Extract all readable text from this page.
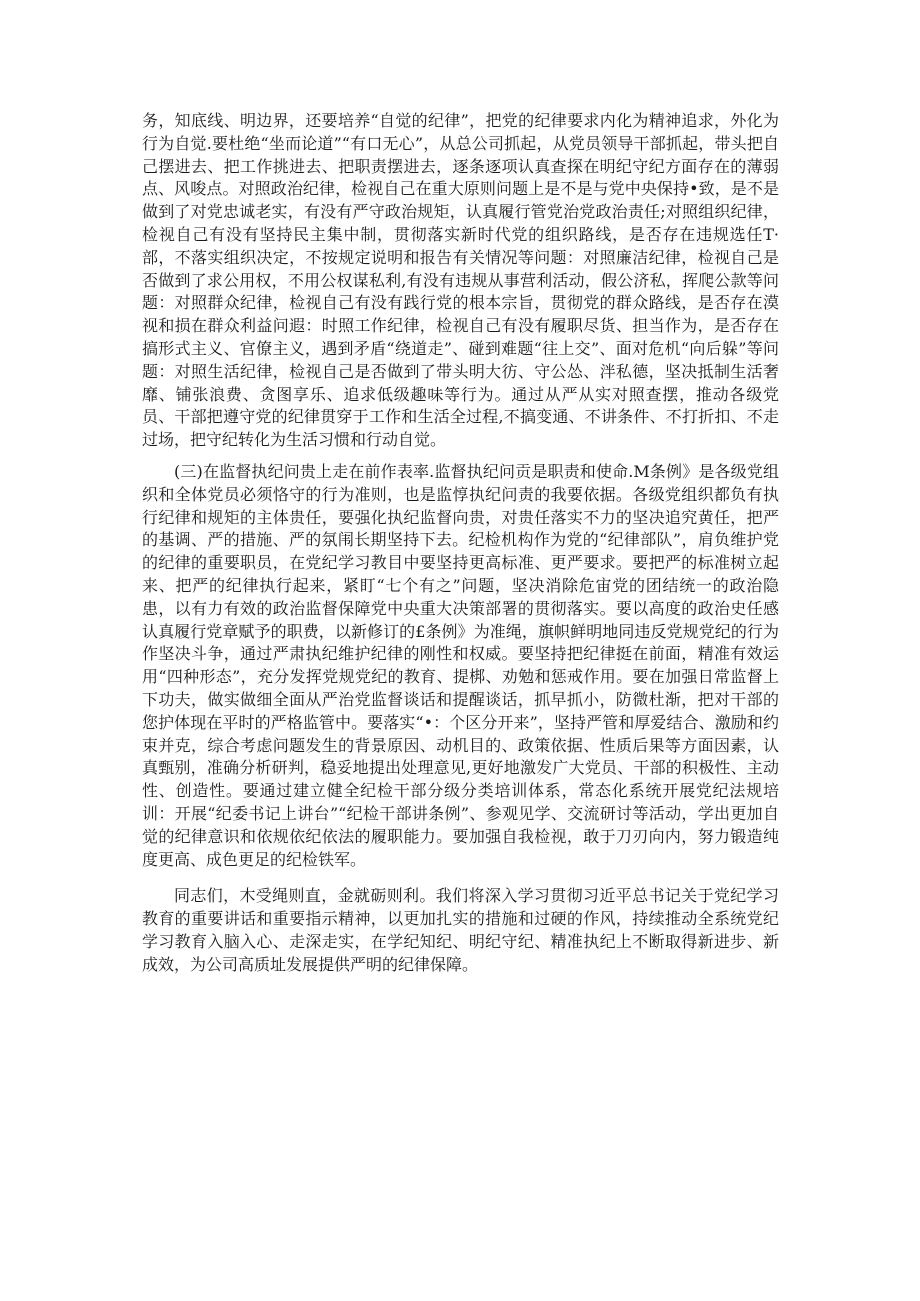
务，知底线、明边界，还要培养“自觉的纪律”，把党的纪律要求内化为精神追求，外化为行为自觉.要杜绝“坐而论道”“有口无心”，从总公司抓起，从党员领导干部抓起，带头把自己摆进去、把工作挑进去、把职责摆进去，逐条逐项认真查探在明纪守纪方面存在的薄弱点、风唆点。对照政治纪律，检视自己在重大原则问题上是不是与党中央保持•致，是不是做到了对党忠诚老实，有没有严守政治规矩，认真履行管党治党政治责任;对照组织纪律，检视自己有没有坚持民主集中制，贯彻落实新时代党的组织路线，是否存在违规选任T·部，不落实组织决定，不按规定说明和报告有关情况等问题：对照廉洁纪律，检视自己是否做到了求公用权，不用公权谋私利,有没有违规从事营利活动，假公济私，挥爬公款等问题：对照群众纪律，检视自己有没有践行党的根本宗旨，贯彻党的群众路线，是否存在漠视和损在群众利益问遐：时照工作纪律，检视自己有没有履职尽货、担当作为，是否存在搞形式主义、官僚主义，遇到矛盾“绕道走”、碰到难题“往上交”、面对危机“向后躲”等问题：对照生活纪律，检视自己是否做到了带头明大彷、守公怂、泮私德，坚决抵制生活奢靡、铺张浪费、贪图享乐、追求低级趣味等行为。通过从严从实对照查摆，推动各级党员、干部把遵守党的纪律贯穿于工作和生活全过程,不搞变通、不讲条件、不打折扣、不走过场，把守纪转化为生活习惯和行动自觉。

(三)在监督执纪问贵上走在前作表率.监督执纪问贡是职责和使命.M条例》是各级党组织和全体党员必须恪守的行为准则，也是监惇执纪问责的我要依据。各级党组织都负有执行纪律和规矩的主体贵任，要强化执纪监督向贵，对贵任落实不力的坚决追究黄任，把严的基调、严的措施、严的氛闱长期坚持下去。纪检机构作为党的“纪律部队”，肩负维护党的纪律的重要职员，在党纪学习教目中要坚持更高标准、更严要求。要把严的标准树立起来、把严的纪律执行起来，紧盯“七个有之”问题，坚决消除危宙党的团结统一的政治隐患，以有力有效的政治监督保障党中央重大决策部署的贯彻落实。要以高度的政治史任感认真履行党章赋予的职费，以新修订的£条例》为准绳，旗帜鲜明地同违反党规党纪的行为作坚决斗争，通过严肃执纪维护纪律的刚性和权威。要坚持把纪律挺在前面，精准有效运用“四种形态”，充分发挥党规党纪的教育、提梆、劝勉和惩戒作用。要在加强日常监督上下功夫，做实做细全面从严治党监督谈话和提醒谈话，抓早抓小，防微杜渐，把对干部的您护体现在平时的严格监管中。要落实“•：个区分开来”，坚持严管和厚爱结合、激励和约束并克，综合考虑问题发生的背景原因、动机目的、政策依据、性质后果等方面因素，认真甄别，准确分析研判，稳妥地提出处理意见,更好地激发广大党员、干部的积极性、主动性、创造性。要通过建立健全纪检干部分级分类培训体系，常态化系统开展党纪法规培训：开展“纪委书记上讲台”“纪检干部讲条例”、参观见学、交流研讨等活动，学出更加自觉的纪律意识和依规依纪依法的履职能力。要加强自我检视，敢于刀刃向内，努力锻造纯度更高、成色更足的纪检铁军。

同志们，木受绳则直，金就砺则利。我们将深入学习贯彻习近平总书记关于党纪学习教育的重要讲话和重要指示精神，以更加扎实的措施和过硬的作风，持续推动全系统党纪学习教育入脑入心、走深走实，在学纪知纪、明纪守纪、精准执纪上不断取得新进步、新成效，为公司高质址发展提供严明的纪律保障。
